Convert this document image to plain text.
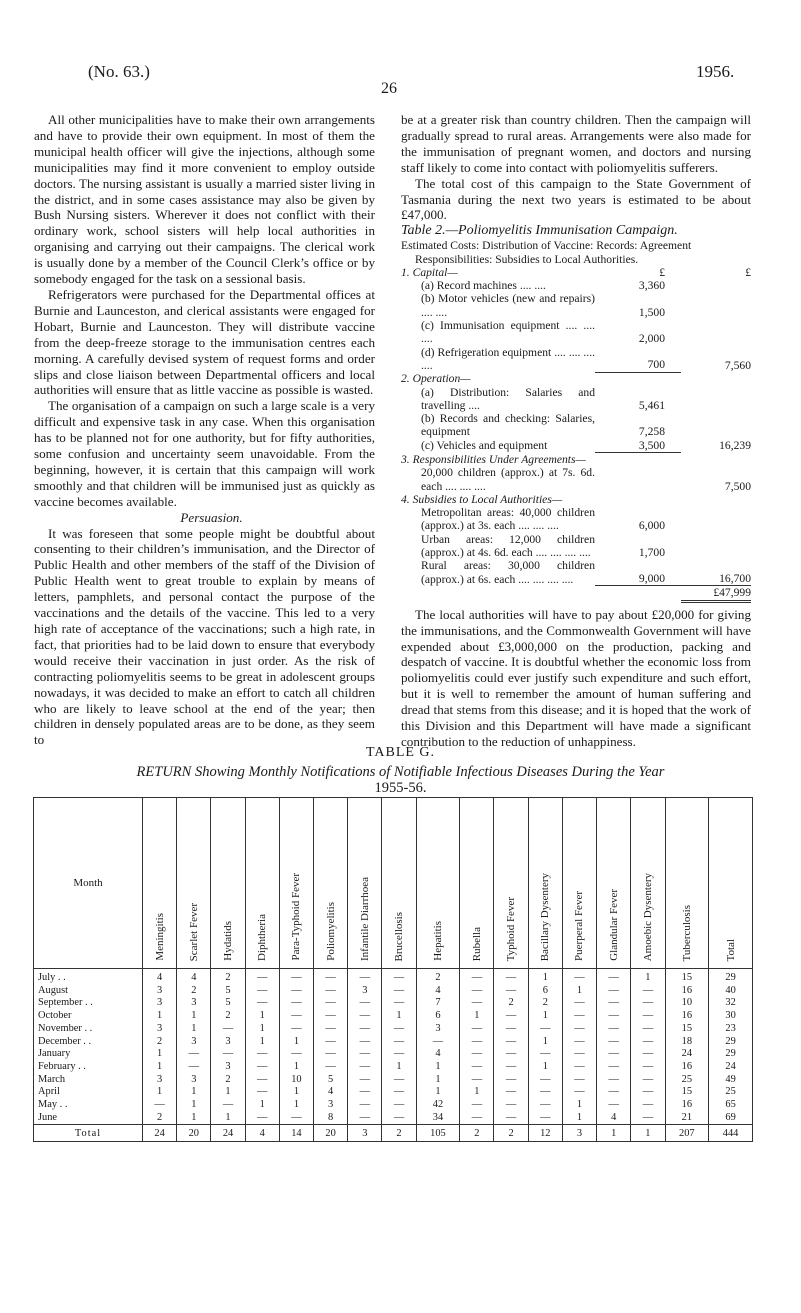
(No. 63.)	1956.
26

All other municipalities have to make their own arrangements and have to provide their own equipment. In most of them the municipal health officer will give the injections, although some municipalities may find it more convenient to employ outside doctors. The nursing assistant is usually a married sister living in the district, and in some cases assistance may also be given by Bush Nursing sisters. Wherever it does not conflict with their ordinary work, school sisters will help local authorities in organising and carrying out their campaigns. The clerical work is usually done by a member of the Council Clerk’s office or by somebody engaged for the task on a sessional basis.

Refrigerators were purchased for the Departmental offices at Burnie and Launceston, and clerical assistants were engaged for Hobart, Burnie and Launceston. They will distribute vaccine from the deep-freeze storage to the immunisation centres each morning. A carefully devised system of request forms and order slips and close liaison between Departmental officers and local authorities will ensure that as little vaccine as possible is wasted.

The organisation of a campaign on such a large scale is a very difficult and expensive task in any case. When this organisation has to be planned not for one authority, but for fifty authorities, some confusion and uncertainty seem unavoidable. From the beginning, however, it is certain that this campaign will work smoothly and that children will be immunised just as quickly as vaccine becomes available.

Persuasion.

It was foreseen that some people might be doubtful about consenting to their children’s immunisation, and the Director of Public Health and other members of the staff of the Division of Public Health went to great trouble to explain by means of letters, pamphlets, and personal contact the purpose of the vaccinations and the details of the vaccine. This led to a very high rate of acceptance of the vaccinations; such a high rate, in fact, that priorities had to be laid down to ensure that everybody would receive their vaccination in just order. As the risk of contracting poliomyelitis seems to be great in adolescent groups nowadays, it was decided to make an effort to catch all children who are likely to leave school at the end of the year; then children in densely populated areas are to be done, as they seem to

be at a greater risk than country children. Then the campaign will gradually spread to rural areas. Arrangements were also made for the immunisation of pregnant women, and doctors and nursing staff likely to come into contact with poliomyelitis sufferers.

The total cost of this campaign to the State Government of Tasmania during the next two years is estimated to be about £47,000.

Table 2.—Poliomyelitis Immunisation Campaign.

Estimated Costs: Distribution of Vaccine: Records: Agreement Responsibilities: Subsidies to Local Authorities.

1. Capital—	£	£
(a) Record machines .... ....	3,360	
(b) Motor vehicles (new and repairs) .... ....	1,500	
(c) Immunisation equipment .... .... ....	2,000	
(d) Refrigeration equipment .... .... .... ....	700	7,560
2. Operation—		
(a) Distribution: Salaries and travelling ....	5,461	
(b) Records and checking: Salaries, equipment	7,258	
(c) Vehicles and equipment	3,500	16,239
3. Responsibilities Under Agreements—		
20,000 children (approx.) at 7s. 6d. each .... .... ....		7,500
4. Subsidies to Local Authorities—		
Metropolitan areas: 40,000 children (approx.) at 3s. each .... .... ....	6,000	
Urban areas: 12,000 children (approx.) at 4s. 6d. each .... .... .... ....	1,700	
Rural areas: 30,000 children (approx.) at 6s. each .... .... .... ....	9,000	16,700
		£47,999

The local authorities will have to pay about £20,000 for giving the immunisations, and the Commonwealth Government will have expended about £3,000,000 on the production, packing and despatch of vaccine. It is doubtful whether the economic loss from poliomyelitis could ever justify such expenditure and such effort, but it is well to remember the amount of human suffering and dread that stems from this disease; and it is hoped that the work of this Division and this Department will have made a significant contribution to the reduction of unhappiness.

TABLE G.
RETURN Showing Monthly Notifications of Notifiable Infectious Diseases During the Year
1955-56.
Month	Meningitis	Scarlet Fever	Hydatids	Diphtheria	Para-Typhoid Fever	Poliomyelitis	Infantile Diarrhoea	Brucellosis	Hepatitis	Rubella	Typhoid Fever	Bacillary Dysentery	Puerperal Fever	Glandular Fever	Amoebic Dysentery	Tuberculosis	Total
July . .	4	4	2	—	—	—	—	—	2	—	—	1	—	—	1	15	29
August	3	2	5	—	—	—	3	—	4	—	—	6	1	—	—	16	40
September . .	3	3	5	—	—	—	—	—	7	—	2	2	—	—	—	10	32
October	1	1	2	1	—	—	—	1	6	1	—	1	—	—	—	16	30
November . .	3	1	—	1	—	—	—	—	3	—	—	—	—	—	—	15	23
December . .	2	3	3	1	1	—	—	—	—	—	—	1	—	—	—	18	29
January	1	—	—	—	—	—	—	—	4	—	—	—	—	—	—	24	29
February . .	1	—	3	—	1	—	—	1	1	—	—	1	—	—	—	16	24
March	3	3	2	—	10	5	—	—	1	—	—	—	—	—	—	25	49
April	1	1	1	—	1	4	—	—	1	1	—	—	—	—	—	15	25
May . .	—	1	—	1	1	3	—	—	42	—	—	—	1	—	—	16	65
June	2	1	1	—	—	8	—	—	34	—	—	—	1	4	—	21	69
Total	24	20	24	4	14	20	3	2	105	2	2	12	3	1	1	207	444
